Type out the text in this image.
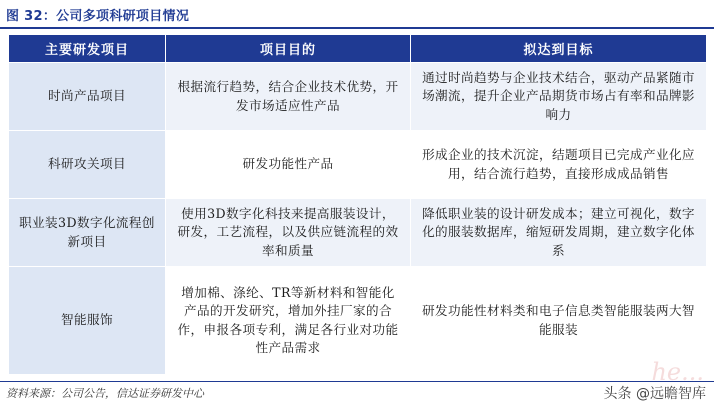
图 32：公司多项科研项目情况
主要研发项目	项目目的	拟达到目标
时尚产品项目	根据流行趋势，结合企业技术优势，开发市场适应性产品	通过时尚趋势与企业技术结合，驱动产品紧随市场潮流，提升企业产品期货市场占有率和品牌影响力
科研攻关项目	研发功能性产品	形成企业的技术沉淀，结题项目已完成产业化应用，结合流行趋势，直接形成成品销售
职业装3D数字化流程创新项目	使用3D数字化科技来提高服装设计，研发，工艺流程，以及供应链流程的效率和质量	降低职业装的设计研发成本；建立可视化，数字化的服装数据库，缩短研发周期，建立数字化体系
智能服饰	增加棉、涤纶、TR等新材料和智能化产品的开发研究，增加外挂厂家的合作，申报各项专利，满足各行业对功能性产品需求	研发功能性材料类和电子信息类智能服装两大智能服装
资料来源：公司公告，信达证券研发中心
he...
头条 @远瞻智库
